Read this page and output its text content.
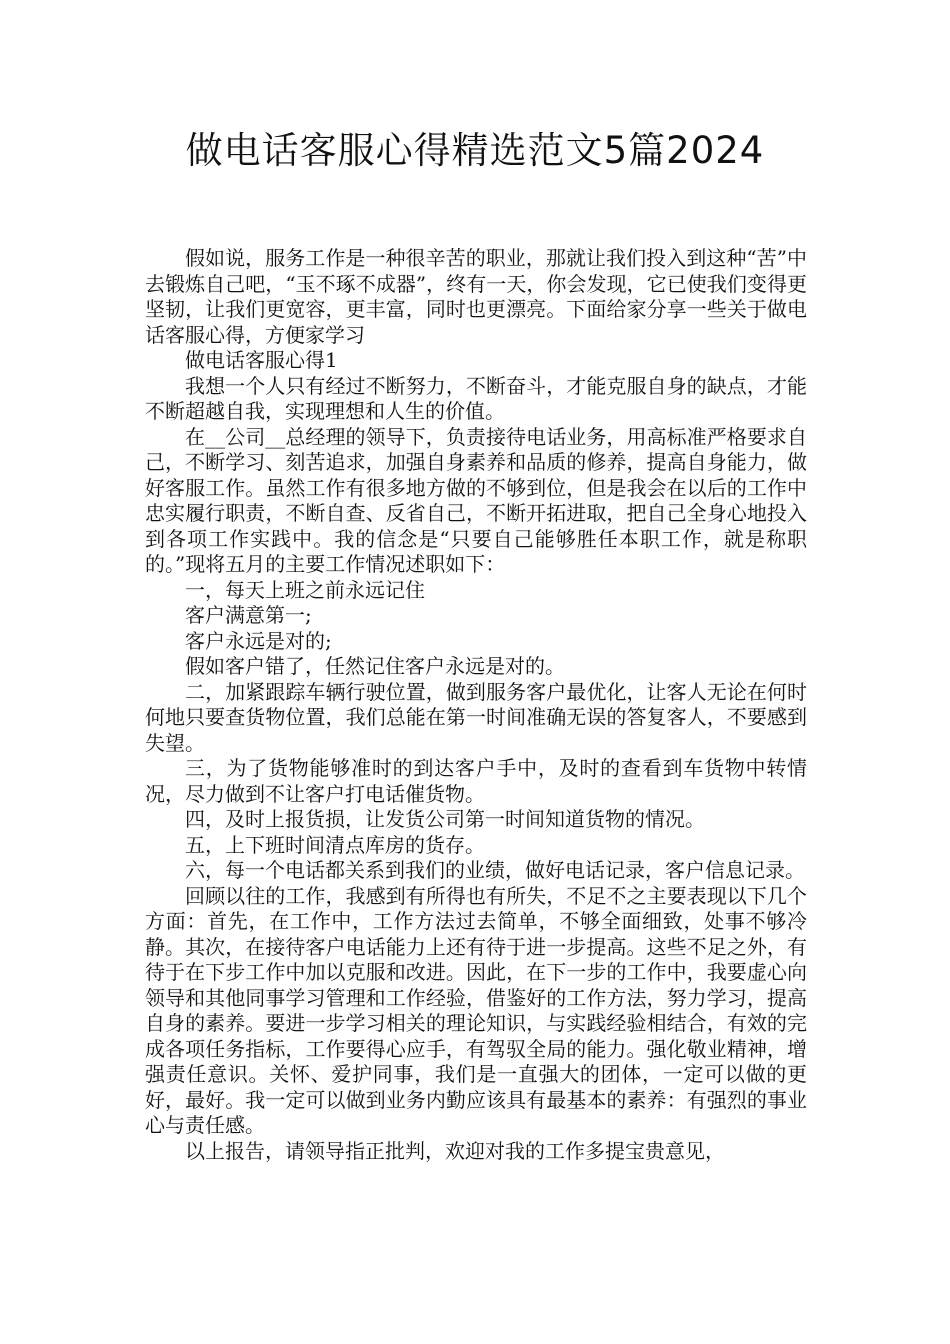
做电话客服心得精选范文5篇2024

假如说，服务工作是一种很辛苦的职业，那就让我们投入到这种“苦”中去锻炼自己吧，“玉不琢不成器”，终有一天，你会发现，它已使我们变得更坚韧，让我们更宽容，更丰富，同时也更漂亮。下面给家分享一些关于做电话客服心得，方便家学习

做电话客服心得1

我想一个人只有经过不断努力，不断奋斗，才能克服自身的缺点，才能不断超越自我，实现理想和人生的价值。

在__公司__总经理的领导下，负责接待电话业务，用高标准严格要求自己，不断学习、刻苦追求，加强自身素养和品质的修养，提高自身能力，做好客服工作。虽然工作有很多地方做的不够到位，但是我会在以后的工作中忠实履行职责，不断自查、反省自己，不断开拓进取，把自己全身心地投入到各项工作实践中。我的信念是“只要自己能够胜任本职工作，就是称职的。”现将五月的主要工作情况述职如下：

一，每天上班之前永远记住

客户满意第一;

客户永远是对的;

假如客户错了，任然记住客户永远是对的。

二，加紧跟踪车辆行驶位置，做到服务客户最优化，让客人无论在何时何地只要查货物位置，我们总能在第一时间准确无误的答复客人，不要感到失望。

三，为了货物能够准时的到达客户手中，及时的查看到车货物中转情况，尽力做到不让客户打电话催货物。

四，及时上报货损，让发货公司第一时间知道货物的情况。

五，上下班时间清点库房的货存。

六，每一个电话都关系到我们的业绩，做好电话记录，客户信息记录。

回顾以往的工作，我感到有所得也有所失，不足不之主要表现以下几个方面：首先，在工作中，工作方法过去简单，不够全面细致，处事不够冷静。其次，在接待客户电话能力上还有待于进一步提高。这些不足之外，有待于在下步工作中加以克服和改进。因此，在下一步的工作中，我要虚心向领导和其他同事学习管理和工作经验，借鉴好的工作方法，努力学习，提高自身的素养。要进一步学习相关的理论知识，与实践经验相结合，有效的完成各项任务指标，工作要得心应手，有驾驭全局的能力。强化敬业精神，增强责任意识。关怀、爱护同事，我们是一直强大的团体，一定可以做的更好，最好。我一定可以做到业务内勤应该具有最基本的素养：有强烈的事业心与责任感。

以上报告，请领导指正批判，欢迎对我的工作多提宝贵意见，
